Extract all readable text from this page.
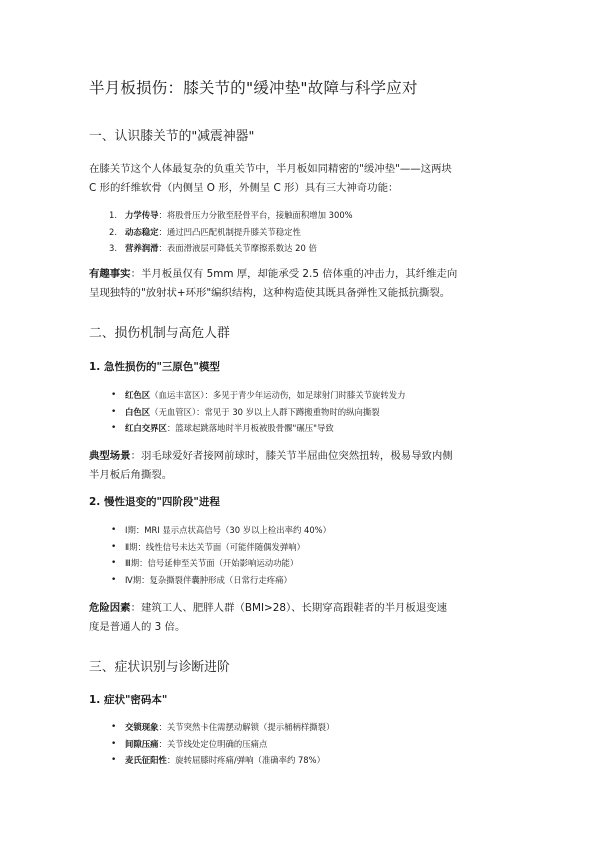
半月板损伤：膝关节的"缓冲垫"故障与科学应对
一、认识膝关节的"减震神器"

在膝关节这个人体最复杂的负重关节中，半月板如同精密的"缓冲垫"——这两块
C 形的纤维软骨（内侧呈 O 形，外侧呈 C 形）具有三大神奇功能：

1. 力学传导：将股骨压力分散至胫骨平台，接触面积增加 300%
2. 动态稳定：通过凹凸匹配机制提升膝关节稳定性
3. 营养润滑：表面滑液层可降低关节摩擦系数达 20 倍

有趣事实：半月板虽仅有 5mm 厚，却能承受 2.5 倍体重的冲击力，其纤维走向
呈现独特的"放射状+环形"编织结构，这种构造使其既具备弹性又能抵抗撕裂。

二、损伤机制与高危人群
1. 急性损伤的"三原色"模型
• 红色区（血运丰富区）：多见于青少年运动伤，如足球射门时膝关节旋转发力
• 白色区（无血管区）：常见于 30 岁以上人群下蹲搬重物时的纵向撕裂
• 红白交界区：篮球起跳落地时半月板被股骨髁"碾压"导致

典型场景：羽毛球爱好者接网前球时，膝关节半屈曲位突然扭转，极易导致内侧
半月板后角撕裂。

2. 慢性退变的"四阶段"进程
• Ⅰ期：MRI 显示点状高信号（30 岁以上检出率约 40%）
• Ⅱ期：线性信号未达关节面（可能伴随偶发弹响）
• Ⅲ期：信号延伸至关节面（开始影响运动功能）
• Ⅳ期：复杂撕裂伴囊肿形成（日常行走疼痛）

危险因素：建筑工人、肥胖人群（BMI>28）、长期穿高跟鞋者的半月板退变速
度是普通人的 3 倍。

三、症状识别与诊断进阶
1. 症状"密码本"
• 交锁现象：关节突然卡住需摆动解锁（提示桶柄样撕裂）
• 间隙压痛：关节线处定位明确的压痛点
• 麦氏征阳性：旋转屈膝时疼痛/弹响（准确率约 78%）
